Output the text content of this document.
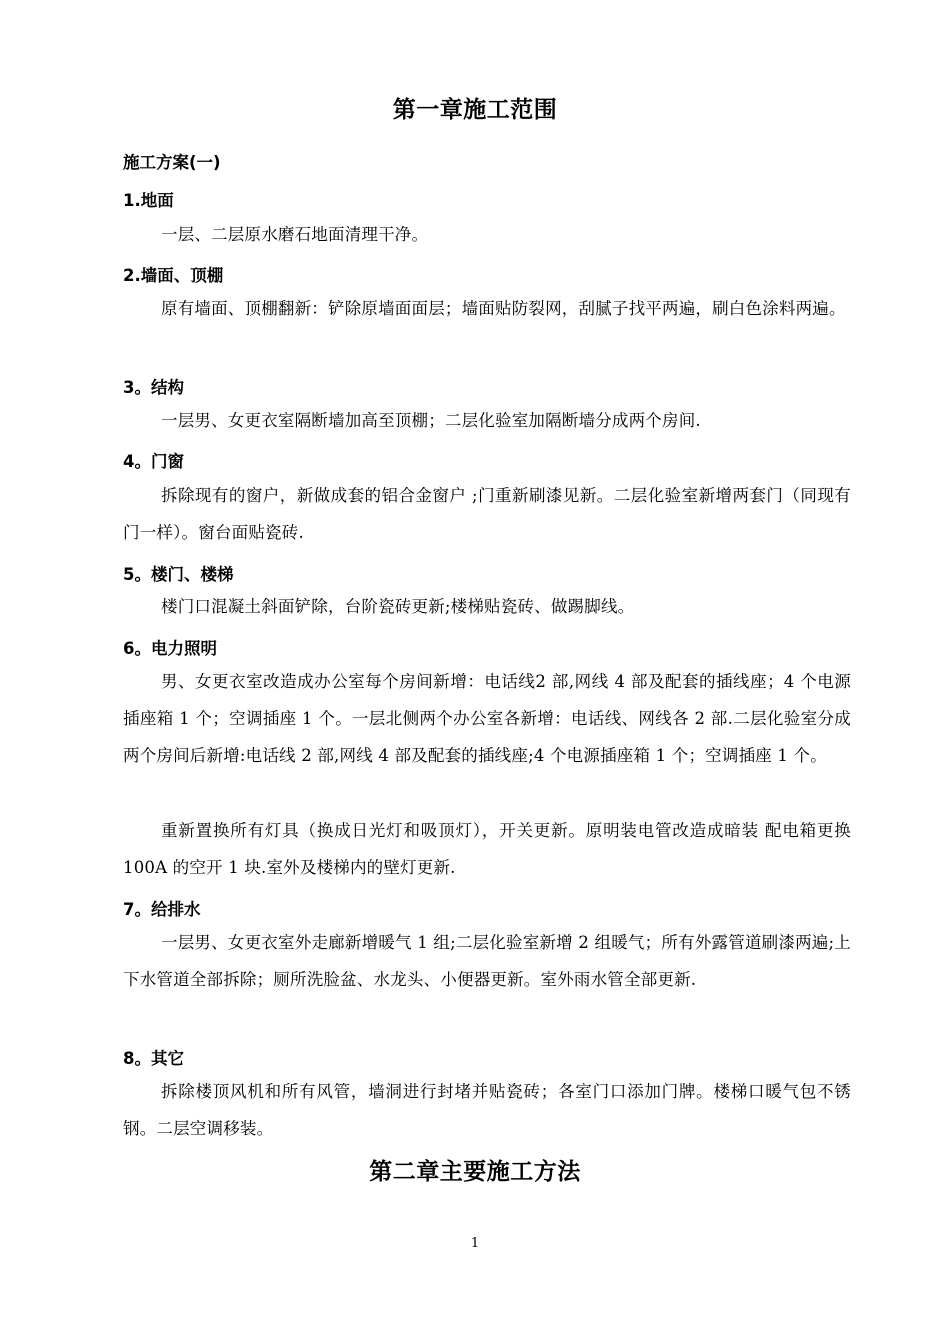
第一章施工范围
施工方案(一)
1.地面
一层、二层原水磨石地面清理干净。
2.墙面、顶棚
原有墙面、顶棚翻新：铲除原墙面面层；墙面贴防裂网，刮腻子找平两遍，刷白色涂料两遍。
3。结构
一层男、女更衣室隔断墙加高至顶棚；二层化验室加隔断墙分成两个房间.
4。门窗
拆除现有的窗户，新做成套的铝合金窗户 ;门重新刷漆见新。二层化验室新增两套门（同现有门一样）。窗台面贴瓷砖.
5。楼门、楼梯
楼门口混凝土斜面铲除，台阶瓷砖更新;楼梯贴瓷砖、做踢脚线。
6。电力照明
男、女更衣室改造成办公室每个房间新增：电话线2 部,网线 4 部及配套的插线座；4 个电源插座箱 1 个；空调插座 1 个。一层北侧两个办公室各新增：电话线、网线各 2 部.二层化验室分成两个房间后新增:电话线 2 部,网线 4 部及配套的插线座;4 个电源插座箱 1 个；空调插座 1 个。
重新置换所有灯具（换成日光灯和吸顶灯），开关更新。原明装电管改造成暗装 配电箱更换 100A 的空开 1 块.室外及楼梯内的壁灯更新.
7。给排水
一层男、女更衣室外走廊新增暖气 1 组;二层化验室新增 2 组暖气；所有外露管道刷漆两遍;上下水管道全部拆除；厕所洗脸盆、水龙头、小便器更新。室外雨水管全部更新.
8。其它
拆除楼顶风机和所有风管，墙洞进行封堵并贴瓷砖；各室门口添加门牌。楼梯口暖气包不锈钢。二层空调移装。
第二章主要施工方法
1
